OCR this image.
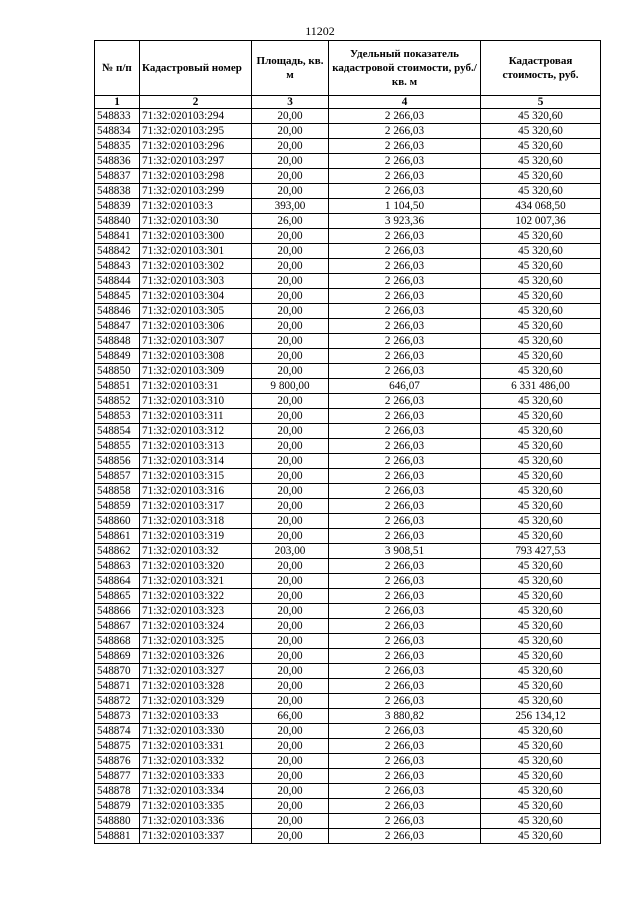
11202
№ п/п	Кадастровый номер	Площадь, кв. м	Удельный показатель кадастровой стоимости, руб./кв. м	Кадастровая стоимость, руб.
1	2	3	4	5
548833	71:32:020103:294	20,00	2 266,03	45 320,60
548834	71:32:020103:295	20,00	2 266,03	45 320,60
548835	71:32:020103:296	20,00	2 266,03	45 320,60
548836	71:32:020103:297	20,00	2 266,03	45 320,60
548837	71:32:020103:298	20,00	2 266,03	45 320,60
548838	71:32:020103:299	20,00	2 266,03	45 320,60
548839	71:32:020103:3	393,00	1 104,50	434 068,50
548840	71:32:020103:30	26,00	3 923,36	102 007,36
548841	71:32:020103:300	20,00	2 266,03	45 320,60
548842	71:32:020103:301	20,00	2 266,03	45 320,60
548843	71:32:020103:302	20,00	2 266,03	45 320,60
548844	71:32:020103:303	20,00	2 266,03	45 320,60
548845	71:32:020103:304	20,00	2 266,03	45 320,60
548846	71:32:020103:305	20,00	2 266,03	45 320,60
548847	71:32:020103:306	20,00	2 266,03	45 320,60
548848	71:32:020103:307	20,00	2 266,03	45 320,60
548849	71:32:020103:308	20,00	2 266,03	45 320,60
548850	71:32:020103:309	20,00	2 266,03	45 320,60
548851	71:32:020103:31	9 800,00	646,07	6 331 486,00
548852	71:32:020103:310	20,00	2 266,03	45 320,60
548853	71:32:020103:311	20,00	2 266,03	45 320,60
548854	71:32:020103:312	20,00	2 266,03	45 320,60
548855	71:32:020103:313	20,00	2 266,03	45 320,60
548856	71:32:020103:314	20,00	2 266,03	45 320,60
548857	71:32:020103:315	20,00	2 266,03	45 320,60
548858	71:32:020103:316	20,00	2 266,03	45 320,60
548859	71:32:020103:317	20,00	2 266,03	45 320,60
548860	71:32:020103:318	20,00	2 266,03	45 320,60
548861	71:32:020103:319	20,00	2 266,03	45 320,60
548862	71:32:020103:32	203,00	3 908,51	793 427,53
548863	71:32:020103:320	20,00	2 266,03	45 320,60
548864	71:32:020103:321	20,00	2 266,03	45 320,60
548865	71:32:020103:322	20,00	2 266,03	45 320,60
548866	71:32:020103:323	20,00	2 266,03	45 320,60
548867	71:32:020103:324	20,00	2 266,03	45 320,60
548868	71:32:020103:325	20,00	2 266,03	45 320,60
548869	71:32:020103:326	20,00	2 266,03	45 320,60
548870	71:32:020103:327	20,00	2 266,03	45 320,60
548871	71:32:020103:328	20,00	2 266,03	45 320,60
548872	71:32:020103:329	20,00	2 266,03	45 320,60
548873	71:32:020103:33	66,00	3 880,82	256 134,12
548874	71:32:020103:330	20,00	2 266,03	45 320,60
548875	71:32:020103:331	20,00	2 266,03	45 320,60
548876	71:32:020103:332	20,00	2 266,03	45 320,60
548877	71:32:020103:333	20,00	2 266,03	45 320,60
548878	71:32:020103:334	20,00	2 266,03	45 320,60
548879	71:32:020103:335	20,00	2 266,03	45 320,60
548880	71:32:020103:336	20,00	2 266,03	45 320,60
548881	71:32:020103:337	20,00	2 266,03	45 320,60
